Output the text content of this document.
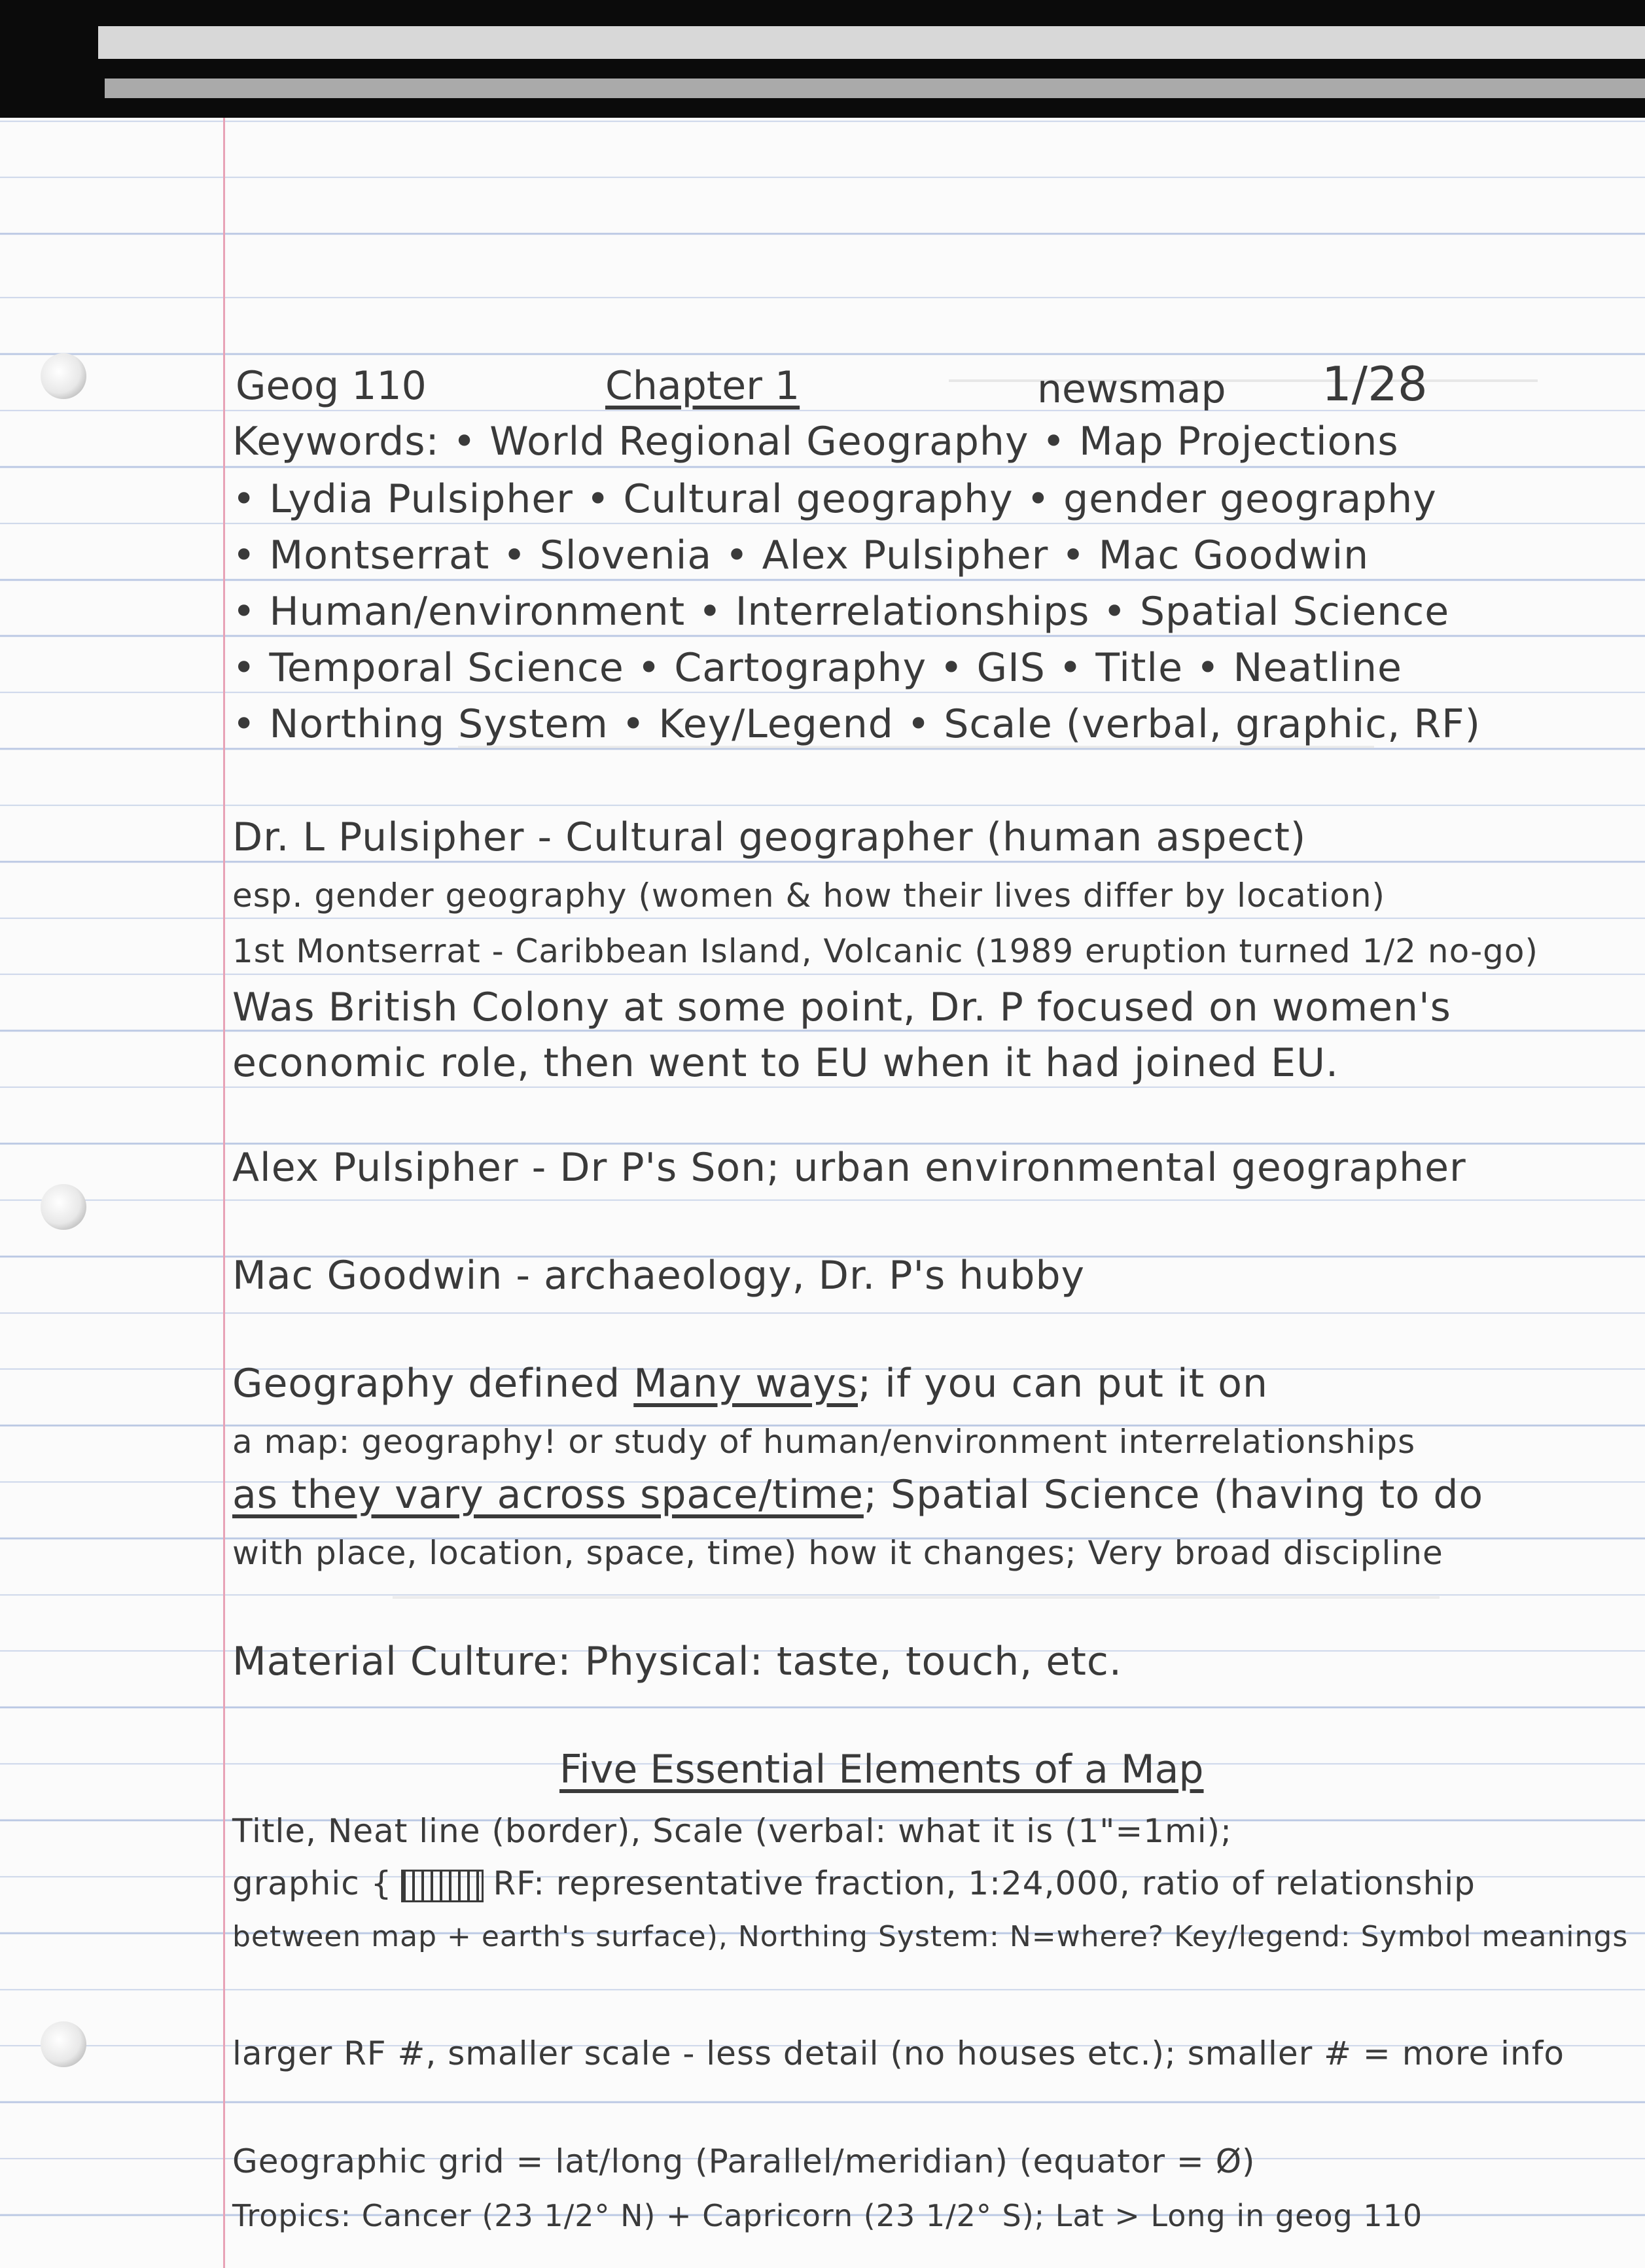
Geog 110	Chapter 1	newsmap 1/28
Keywords: • World Regional Geography • Map Projections
• Lydia Pulsipher • Cultural geography • gender geography
• Montserrat • Slovenia • Alex Pulsipher • Mac Goodwin
• Human/environment • Interrelationships • Spatial Science
• Temporal Science • Cartography • GIS • Title • Neatline
• Northing System • Key/Legend • Scale (verbal, graphic, RF)
Dr. L Pulsipher - Cultural geographer (human aspect)
esp. gender geography (women & how their lives differ by location)
1st Montserrat - Caribbean Island, Volcanic (1989 eruption turned 1/2 no-go)
Was British Colony at some point, Dr. P focused on women's
economic role, then went to EU when it had joined EU.
Alex Pulsipher - Dr P's Son; urban environmental geographer
Mac Goodwin - archaeology, Dr. P's hubby
Geography defined Many ways; if you can put it on
a map: geography! or study of human/environment interrelationships
as they vary across space/time; Spatial Science (having to do
with place, location, space, time) how it changes; Very broad discipline
Material Culture: Physical: taste, touch, etc.
Five Essential Elements of a Map
Title, Neat line (border), Scale (verbal: what it is (1"=1mi);
graphic {	RF: representative fraction, 1:24,000, ratio of relationship
between map + earth's surface), Northing System: N=where? Key/legend: Symbol meanings
larger RF #, smaller scale - less detail (no houses etc.); smaller # = more info
Geographic grid = lat/long (Parallel/meridian) (equator = Ø)
Tropics: Cancer (23 1/2° N) + Capricorn (23 1/2° S); Lat > Long in geog 110
